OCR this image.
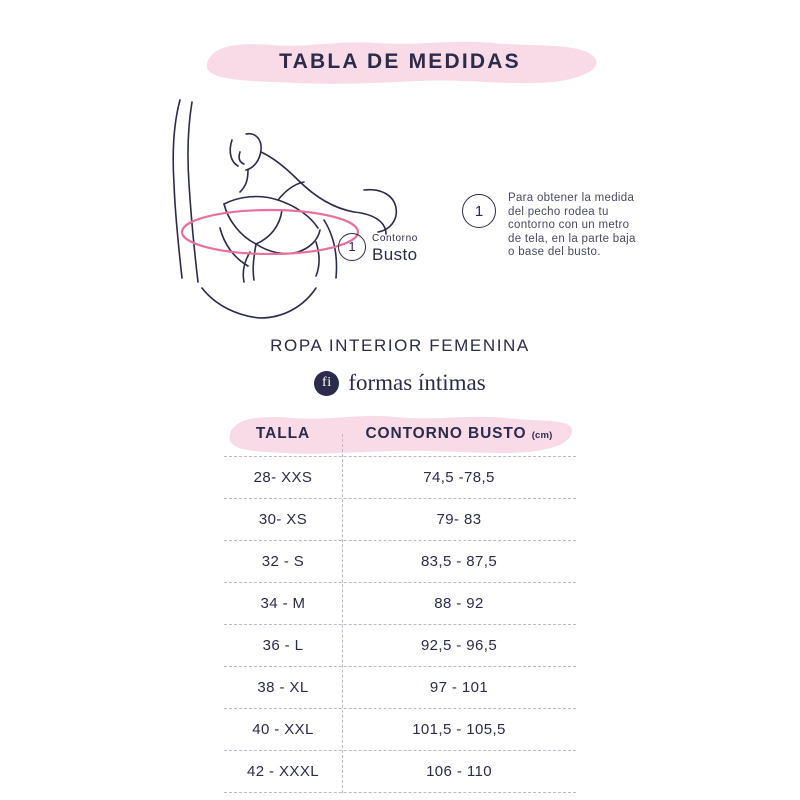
TABLA DE MEDIDAS
1
Contorno
Busto
1
Para obtener la medida del pecho rodea tu contorno con un metro de tela, en la parte baja o base del busto.
ROPA INTERIOR FEMENINA
fi formas íntimas
TALLA	CONTORNO BUSTO (cm)
28- XXS	74,5 -78,5
30- XS	79- 83
32 - S	83,5 - 87,5
34 - M	88 - 92
36 - L	92,5 - 96,5
38 - XL	97 - 101
40 - XXL	101,5 - 105,5
42 - XXXL	106 - 110
